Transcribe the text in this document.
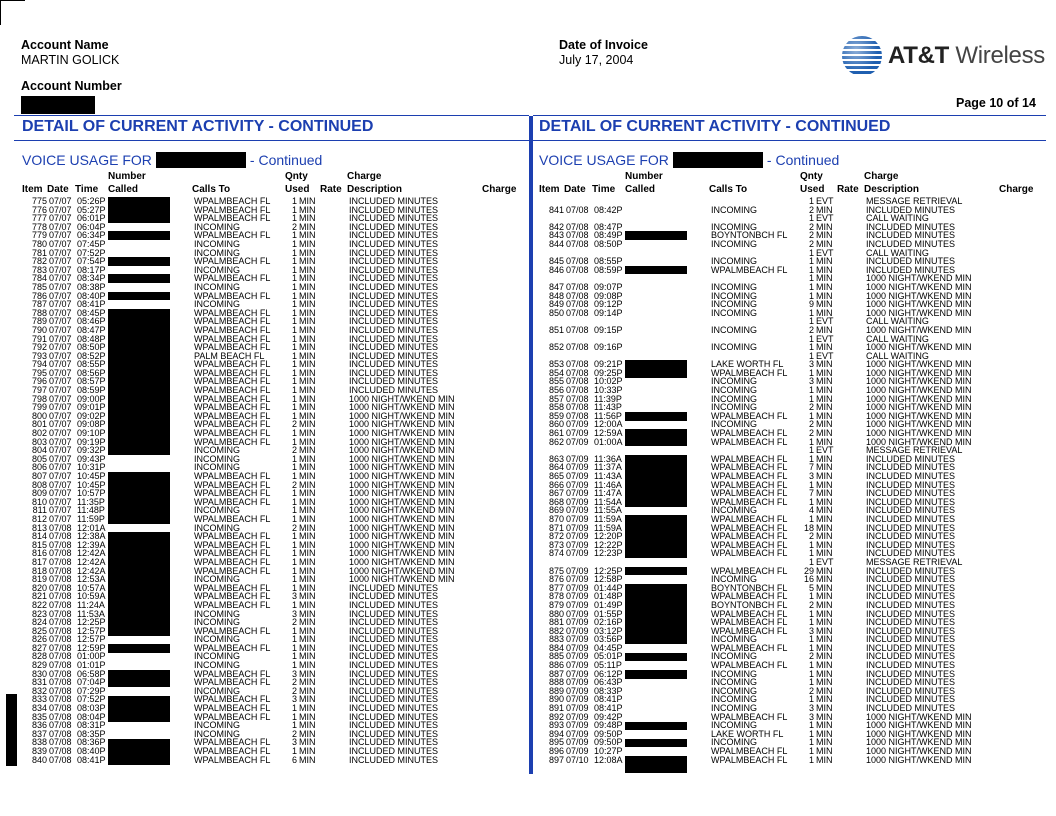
Account Name
MARTIN GOLICK
Account Number
Date of Invoice
July 17, 2004	AT&T Wireless
Page 10 of 14
DETAIL OF CURRENT ACTIVITY - CONTINUED	DETAIL OF CURRENT ACTIVITY - CONTINUED
VOICE USAGE FOR	- Continued	VOICE USAGE FOR	- Continued
Number	Qnty	Charge
Item Date Time Called	Calls To	Used Rate Description	Charge
775 07/07 05:26P	WPALMBEACH FL	1 MIN	INCLUDED MINUTES
776 07/07 05:27P	WPALMBEACH FL	1 MIN	INCLUDED MINUTES
777 07/07 06:01P	WPALMBEACH FL	1 MIN	INCLUDED MINUTES
778 07/07 06:04P	INCOMING	2 MIN	INCLUDED MINUTES
779 07/07 06:34P	WPALMBEACH FL	1 MIN	INCLUDED MINUTES
780 07/07 07:45P	INCOMING	1 MIN	INCLUDED MINUTES
781 07/07 07:52P	INCOMING	1 MIN	INCLUDED MINUTES
782 07/07 07:54P	WPALMBEACH FL	1 MIN	INCLUDED MINUTES
783 07/07 08:17P	INCOMING	1 MIN	INCLUDED MINUTES
784 07/07 08:34P	WPALMBEACH FL	1 MIN	INCLUDED MINUTES
785 07/07 08:38P	INCOMING	1 MIN	INCLUDED MINUTES
786 07/07 08:40P	WPALMBEACH FL	1 MIN	INCLUDED MINUTES
787 07/07 08:41P	INCOMING	1 MIN	INCLUDED MINUTES
788 07/07 08:45P	WPALMBEACH FL	1 MIN	INCLUDED MINUTES
789 07/07 08:46P	WPALMBEACH FL	1 MIN	INCLUDED MINUTES
790 07/07 08:47P	WPALMBEACH FL	1 MIN	INCLUDED MINUTES
791 07/07 08:48P	WPALMBEACH FL	1 MIN	INCLUDED MINUTES
792 07/07 08:50P	WPALMBEACH FL	1 MIN	INCLUDED MINUTES
793 07/07 08:52P	PALM BEACH FL	1 MIN	INCLUDED MINUTES
794 07/07 08:55P	WPALMBEACH FL	1 MIN	INCLUDED MINUTES
795 07/07 08:56P	WPALMBEACH FL	1 MIN	INCLUDED MINUTES
796 07/07 08:57P	WPALMBEACH FL	1 MIN	INCLUDED MINUTES
797 07/07 08:59P	WPALMBEACH FL	1 MIN	INCLUDED MINUTES
798 07/07 09:00P	WPALMBEACH FL	1 MIN	1000 NIGHT/WKEND MIN
799 07/07 09:01P	WPALMBEACH FL	1 MIN	1000 NIGHT/WKEND MIN
800 07/07 09:02P	WPALMBEACH FL	1 MIN	1000 NIGHT/WKEND MIN
801 07/07 09:08P	WPALMBEACH FL	2 MIN	1000 NIGHT/WKEND MIN
802 07/07 09:10P	WPALMBEACH FL	1 MIN	1000 NIGHT/WKEND MIN
803 07/07 09:19P	WPALMBEACH FL	1 MIN	1000 NIGHT/WKEND MIN
804 07/07 09:32P	INCOMING	2 MIN	1000 NIGHT/WKEND MIN
805 07/07 09:43P	INCOMING	1 MIN	1000 NIGHT/WKEND MIN
806 07/07 10:31P	INCOMING	1 MIN	1000 NIGHT/WKEND MIN
807 07/07 10:45P	WPALMBEACH FL	1 MIN	1000 NIGHT/WKEND MIN
808 07/07 10:45P	WPALMBEACH FL	2 MIN	1000 NIGHT/WKEND MIN
809 07/07 10:57P	WPALMBEACH FL	1 MIN	1000 NIGHT/WKEND MIN
810 07/07 11:35P	WPALMBEACH FL	1 MIN	1000 NIGHT/WKEND MIN
811 07/07 11:48P	INCOMING	1 MIN	1000 NIGHT/WKEND MIN
812 07/07 11:59P	WPALMBEACH FL	1 MIN	1000 NIGHT/WKEND MIN
813 07/08 12:01A	INCOMING	2 MIN	1000 NIGHT/WKEND MIN
814 07/08 12:38A	WPALMBEACH FL	1 MIN	1000 NIGHT/WKEND MIN
815 07/08 12:39A	WPALMBEACH FL	1 MIN	1000 NIGHT/WKEND MIN
816 07/08 12:42A	WPALMBEACH FL	1 MIN	1000 NIGHT/WKEND MIN
817 07/08 12:42A	WPALMBEACH FL	1 MIN	1000 NIGHT/WKEND MIN
818 07/08 12:42A	WPALMBEACH FL	1 MIN	1000 NIGHT/WKEND MIN
819 07/08 12:53A	INCOMING	1 MIN	1000 NIGHT/WKEND MIN
820 07/08 10:57A	WPALMBEACH FL	1 MIN	INCLUDED MINUTES
821 07/08 10:59A	WPALMBEACH FL	3 MIN	INCLUDED MINUTES
822 07/08 11:24A	WPALMBEACH FL	1 MIN	INCLUDED MINUTES
823 07/08 11:53A	INCOMING	3 MIN	INCLUDED MINUTES
824 07/08 12:25P	INCOMING	2 MIN	INCLUDED MINUTES
825 07/08 12:57P	WPALMBEACH FL	1 MIN	INCLUDED MINUTES
826 07/08 12:57P	INCOMING	1 MIN	INCLUDED MINUTES
827 07/08 12:59P	WPALMBEACH FL	1 MIN	INCLUDED MINUTES
828 07/08 01:00P	INCOMING	1 MIN	INCLUDED MINUTES
829 07/08 01:01P	INCOMING	1 MIN	INCLUDED MINUTES
830 07/08 06:58P	WPALMBEACH FL	3 MIN	INCLUDED MINUTES
831 07/08 07:04P	WPALMBEACH FL	2 MIN	INCLUDED MINUTES
832 07/08 07:29P	INCOMING	2 MIN	INCLUDED MINUTES
833 07/08 07:52P	WPALMBEACH FL	3 MIN	INCLUDED MINUTES
834 07/08 08:03P	WPALMBEACH FL	1 MIN	INCLUDED MINUTES
835 07/08 08:04P	WPALMBEACH FL	1 MIN	INCLUDED MINUTES
836 07/08 08:31P	INCOMING	1 MIN	INCLUDED MINUTES
837 07/08 08:35P	INCOMING	2 MIN	INCLUDED MINUTES
838 07/08 08:36P	WPALMBEACH FL	3 MIN	INCLUDED MINUTES
839 07/08 08:40P	WPALMBEACH FL	1 MIN	INCLUDED MINUTES
840 07/08 08:41P	WPALMBEACH FL	6 MIN	INCLUDED MINUTES
Number	Qnty	Charge
Item Date Time Called	Calls To	Used Rate Description	Charge
1 EVT	MESSAGE RETRIEVAL
841 07/08 08:42P	INCOMING	2 MIN	INCLUDED MINUTES
1 EVT	CALL WAITING
842 07/08 08:47P	INCOMING	2 MIN	INCLUDED MINUTES
843 07/08 08:49P	BOYNTONBCH FL	2 MIN	INCLUDED MINUTES
844 07/08 08:50P	INCOMING	2 MIN	INCLUDED MINUTES
1 EVT	CALL WAITING
845 07/08 08:55P	INCOMING	1 MIN	INCLUDED MINUTES
846 07/08 08:59P	WPALMBEACH FL	1 MIN	INCLUDED MINUTES
1 MIN	1000 NIGHT/WKEND MIN
847 07/08 09:07P	INCOMING	1 MIN	1000 NIGHT/WKEND MIN
848 07/08 09:08P	INCOMING	1 MIN	1000 NIGHT/WKEND MIN
849 07/08 09:12P	INCOMING	9 MIN	1000 NIGHT/WKEND MIN
850 07/08 09:14P	INCOMING	1 MIN	1000 NIGHT/WKEND MIN
1 EVT	CALL WAITING
851 07/08 09:15P	INCOMING	2 MIN	1000 NIGHT/WKEND MIN
1 EVT	CALL WAITING
852 07/08 09:16P	INCOMING	1 MIN	1000 NIGHT/WKEND MIN
1 EVT	CALL WAITING
853 07/08 09:21P	LAKE WORTH FL	3 MIN	1000 NIGHT/WKEND MIN
854 07/08 09:25P	WPALMBEACH FL	1 MIN	1000 NIGHT/WKEND MIN
855 07/08 10:02P	INCOMING	3 MIN	1000 NIGHT/WKEND MIN
856 07/08 10:33P	INCOMING	1 MIN	1000 NIGHT/WKEND MIN
857 07/08 11:39P	INCOMING	1 MIN	1000 NIGHT/WKEND MIN
858 07/08 11:43P	INCOMING	2 MIN	1000 NIGHT/WKEND MIN
859 07/08 11:56P	WPALMBEACH FL	1 MIN	1000 NIGHT/WKEND MIN
860 07/09 12:00A	INCOMING	2 MIN	1000 NIGHT/WKEND MIN
861 07/09 12:59A	WPALMBEACH FL	2 MIN	1000 NIGHT/WKEND MIN
862 07/09 01:00A	WPALMBEACH FL	1 MIN	1000 NIGHT/WKEND MIN
1 EVT	MESSAGE RETRIEVAL
863 07/09 11:36A	WPALMBEACH FL	1 MIN	INCLUDED MINUTES
864 07/09 11:37A	WPALMBEACH FL	7 MIN	INCLUDED MINUTES
865 07/09 11:43A	WPALMBEACH FL	3 MIN	INCLUDED MINUTES
866 07/09 11:46A	WPALMBEACH FL	1 MIN	INCLUDED MINUTES
867 07/09 11:47A	WPALMBEACH FL	7 MIN	INCLUDED MINUTES
868 07/09 11:54A	WPALMBEACH FL	1 MIN	INCLUDED MINUTES
869 07/09 11:55A	INCOMING	4 MIN	INCLUDED MINUTES
870 07/09 11:59A	WPALMBEACH FL	1 MIN	INCLUDED MINUTES
871 07/09 11:59A	WPALMBEACH FL	18 MIN	INCLUDED MINUTES
872 07/09 12:20P	WPALMBEACH FL	2 MIN	INCLUDED MINUTES
873 07/09 12:22P	WPALMBEACH FL	1 MIN	INCLUDED MINUTES
874 07/09 12:23P	WPALMBEACH FL	1 MIN	INCLUDED MINUTES
1 EVT	MESSAGE RETRIEVAL
875 07/09 12:25P	WPALMBEACH FL	29 MIN	INCLUDED MINUTES
876 07/09 12:58P	INCOMING	16 MIN	INCLUDED MINUTES
877 07/09 01:44P	BOYNTONBCH FL	5 MIN	INCLUDED MINUTES
878 07/09 01:48P	WPALMBEACH FL	1 MIN	INCLUDED MINUTES
879 07/09 01:49P	BOYNTONBCH FL	2 MIN	INCLUDED MINUTES
880 07/09 01:55P	WPALMBEACH FL	1 MIN	INCLUDED MINUTES
881 07/09 02:16P	WPALMBEACH FL	1 MIN	INCLUDED MINUTES
882 07/09 03:12P	WPALMBEACH FL	3 MIN	INCLUDED MINUTES
883 07/09 03:56P	INCOMING	1 MIN	INCLUDED MINUTES
884 07/09 04:45P	WPALMBEACH FL	1 MIN	INCLUDED MINUTES
885 07/09 05:01P	INCOMING	2 MIN	INCLUDED MINUTES
886 07/09 05:11P	WPALMBEACH FL	1 MIN	INCLUDED MINUTES
887 07/09 06:12P	INCOMING	1 MIN	INCLUDED MINUTES
888 07/09 06:43P	INCOMING	1 MIN	INCLUDED MINUTES
889 07/09 08:33P	INCOMING	2 MIN	INCLUDED MINUTES
890 07/09 08:41P	INCOMING	1 MIN	INCLUDED MINUTES
891 07/09 08:41P	INCOMING	3 MIN	INCLUDED MINUTES
892 07/09 09:42P	WPALMBEACH FL	3 MIN	1000 NIGHT/WKEND MIN
893 07/09 09:48P	INCOMING	1 MIN	1000 NIGHT/WKEND MIN
894 07/09 09:50P	LAKE WORTH FL	1 MIN	1000 NIGHT/WKEND MIN
895 07/09 09:50P	INCOMING	1 MIN	1000 NIGHT/WKEND MIN
896 07/09 10:27P	WPALMBEACH FL	1 MIN	1000 NIGHT/WKEND MIN
897 07/10 12:08A	WPALMBEACH FL	1 MIN	1000 NIGHT/WKEND MIN
